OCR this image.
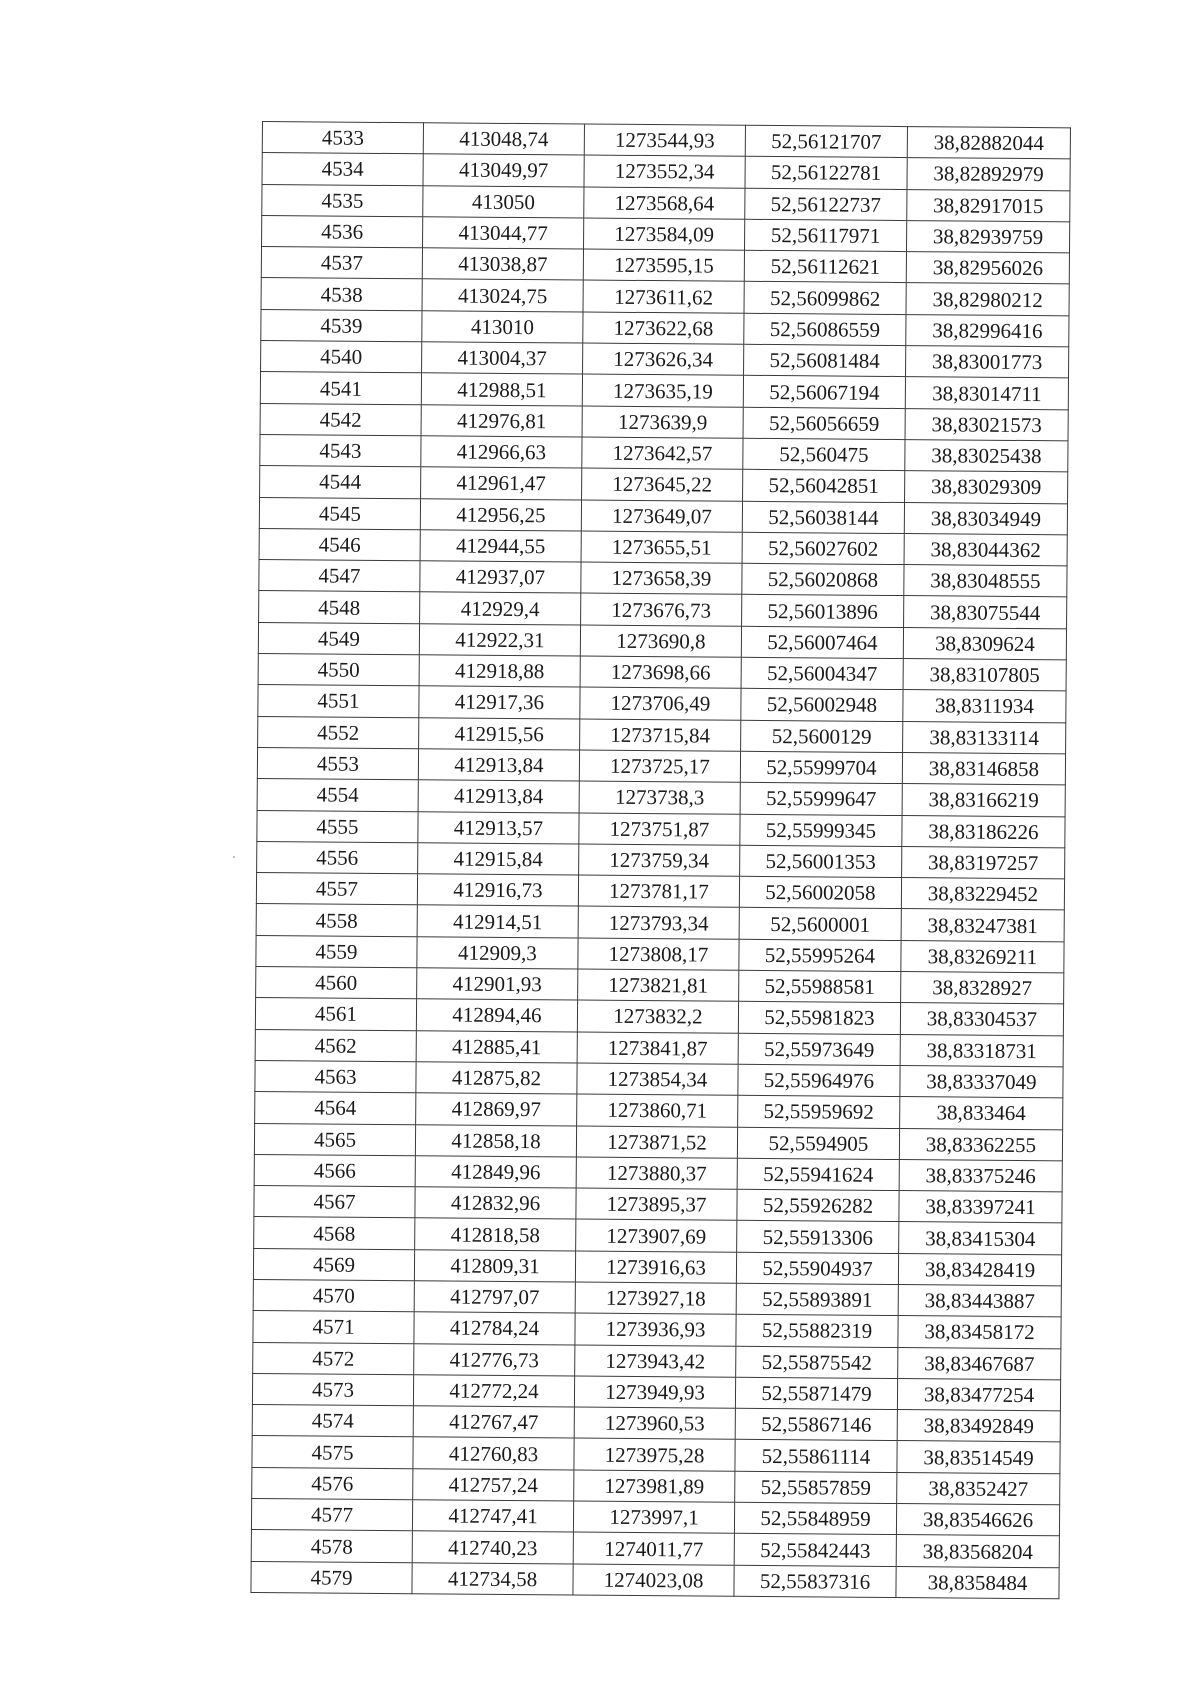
4533	413048,74	1273544,93	52,56121707	38,82882044
4534	413049,97	1273552,34	52,56122781	38,82892979
4535	413050	1273568,64	52,56122737	38,82917015
4536	413044,77	1273584,09	52,56117971	38,82939759
4537	413038,87	1273595,15	52,56112621	38,82956026
4538	413024,75	1273611,62	52,56099862	38,82980212
4539	413010	1273622,68	52,56086559	38,82996416
4540	413004,37	1273626,34	52,56081484	38,83001773
4541	412988,51	1273635,19	52,56067194	38,83014711
4542	412976,81	1273639,9	52,56056659	38,83021573
4543	412966,63	1273642,57	52,560475	38,83025438
4544	412961,47	1273645,22	52,56042851	38,83029309
4545	412956,25	1273649,07	52,56038144	38,83034949
4546	412944,55	1273655,51	52,56027602	38,83044362
4547	412937,07	1273658,39	52,56020868	38,83048555
4548	412929,4	1273676,73	52,56013896	38,83075544
4549	412922,31	1273690,8	52,56007464	38,8309624
4550	412918,88	1273698,66	52,56004347	38,83107805
4551	412917,36	1273706,49	52,56002948	38,8311934
4552	412915,56	1273715,84	52,5600129	38,83133114
4553	412913,84	1273725,17	52,55999704	38,83146858
4554	412913,84	1273738,3	52,55999647	38,83166219
4555	412913,57	1273751,87	52,55999345	38,83186226
4556	412915,84	1273759,34	52,56001353	38,83197257
4557	412916,73	1273781,17	52,56002058	38,83229452
4558	412914,51	1273793,34	52,5600001	38,83247381
4559	412909,3	1273808,17	52,55995264	38,83269211
4560	412901,93	1273821,81	52,55988581	38,8328927
4561	412894,46	1273832,2	52,55981823	38,83304537
4562	412885,41	1273841,87	52,55973649	38,83318731
4563	412875,82	1273854,34	52,55964976	38,83337049
4564	412869,97	1273860,71	52,55959692	38,833464
4565	412858,18	1273871,52	52,5594905	38,83362255
4566	412849,96	1273880,37	52,55941624	38,83375246
4567	412832,96	1273895,37	52,55926282	38,83397241
4568	412818,58	1273907,69	52,55913306	38,83415304
4569	412809,31	1273916,63	52,55904937	38,83428419
4570	412797,07	1273927,18	52,55893891	38,83443887
4571	412784,24	1273936,93	52,55882319	38,83458172
4572	412776,73	1273943,42	52,55875542	38,83467687
4573	412772,24	1273949,93	52,55871479	38,83477254
4574	412767,47	1273960,53	52,55867146	38,83492849
4575	412760,83	1273975,28	52,55861114	38,83514549
4576	412757,24	1273981,89	52,55857859	38,8352427
4577	412747,41	1273997,1	52,55848959	38,83546626
4578	412740,23	1274011,77	52,55842443	38,83568204
4579	412734,58	1274023,08	52,55837316	38,8358484
